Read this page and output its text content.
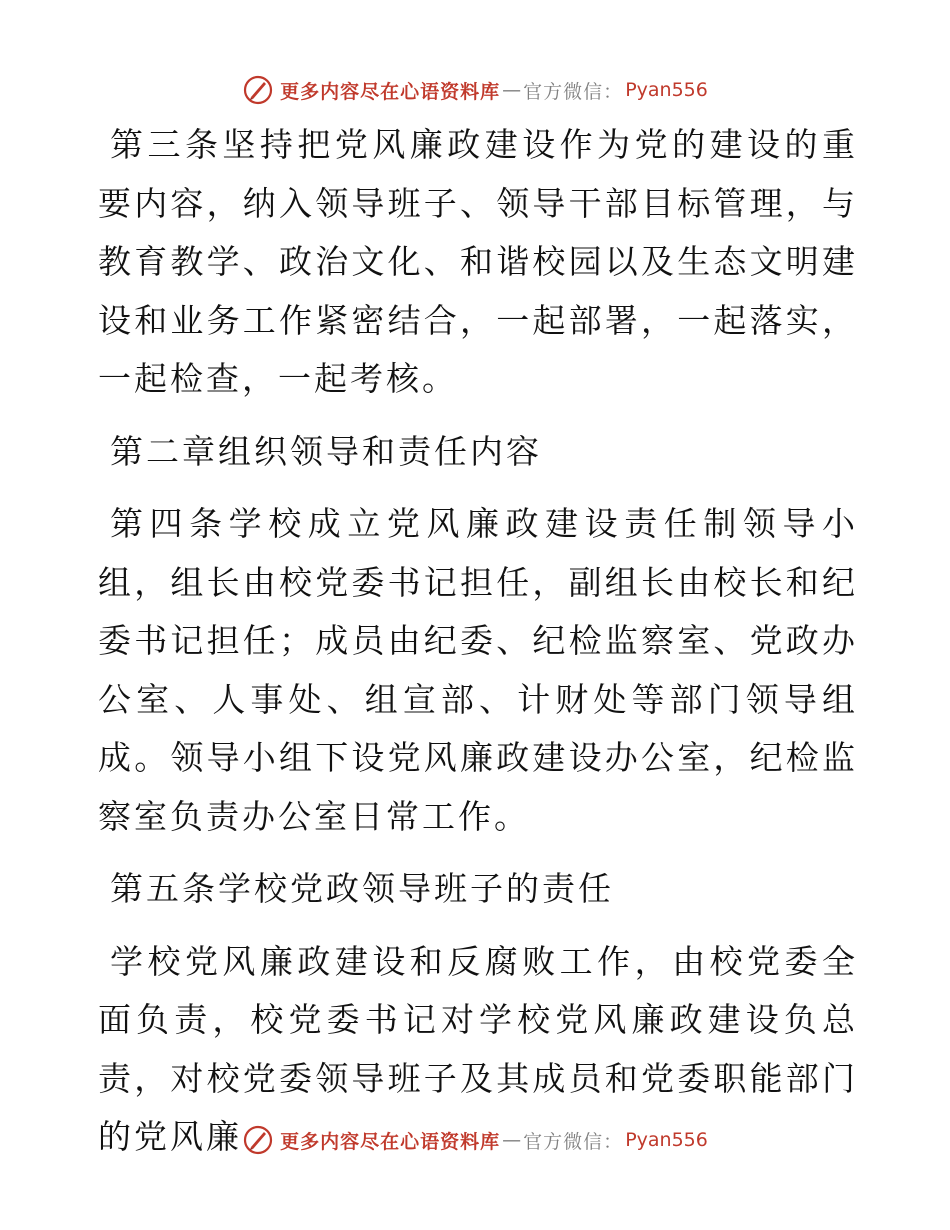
更多内容尽在心语资料库 — 官方微信： Pyan556

第三条坚持把党风廉政建设作为党的建设的重要内容，纳入领导班子、领导干部目标管理，与教育教学、政治文化、和谐校园以及生态文明建设和业务工作紧密结合，一起部署，一起落实，一起检查，一起考核。

第二章组织领导和责任内容

第四条学校成立党风廉政建设责任制领导小组，组长由校党委书记担任，副组长由校长和纪委书记担任；成员由纪委、纪检监察室、党政办公室、人事处、组宣部、计财处等部门领导组成。领导小组下设党风廉政建设办公室，纪检监察室负责办公室日常工作。

第五条学校党政领导班子的责任

学校党风廉政建设和反腐败工作，由校党委全面负责，校党委书记对学校党风廉政建设负总责，对校党委领导班子及其成员和党委职能部门的党风廉	更多内容尽在心语资料库 — 官方微信： Pyan556
